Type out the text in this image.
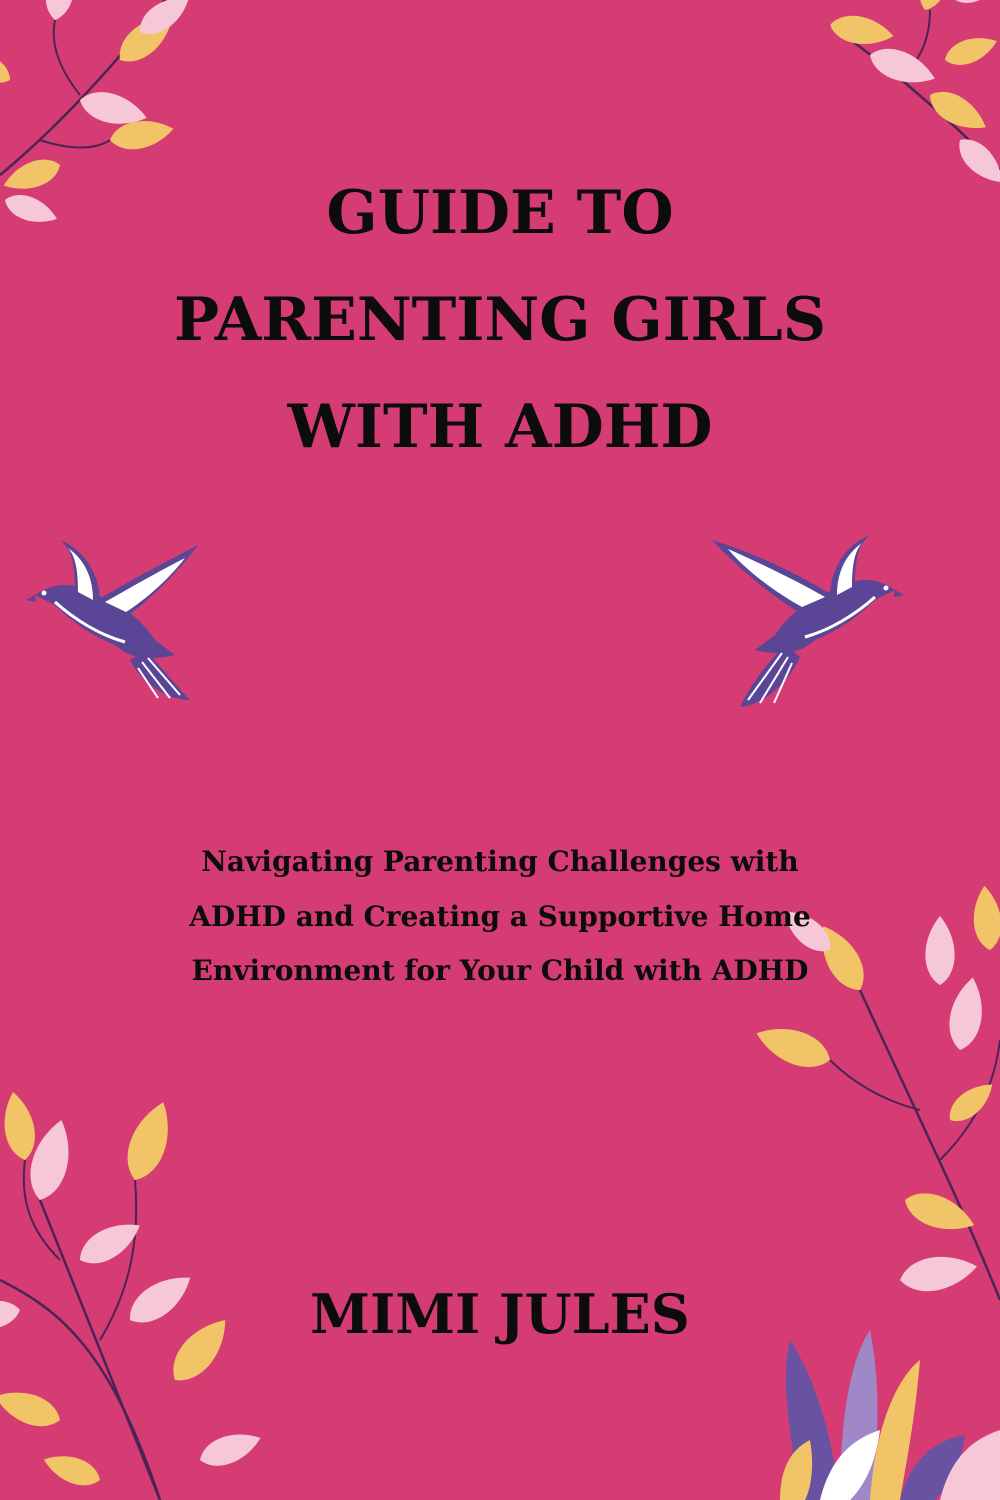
GUIDE TO
PARENTING GIRLS
WITH ADHD

Navigating Parenting Challenges with
ADHD and Creating a Supportive Home
Environment for Your Child with ADHD

MIMI JULES
